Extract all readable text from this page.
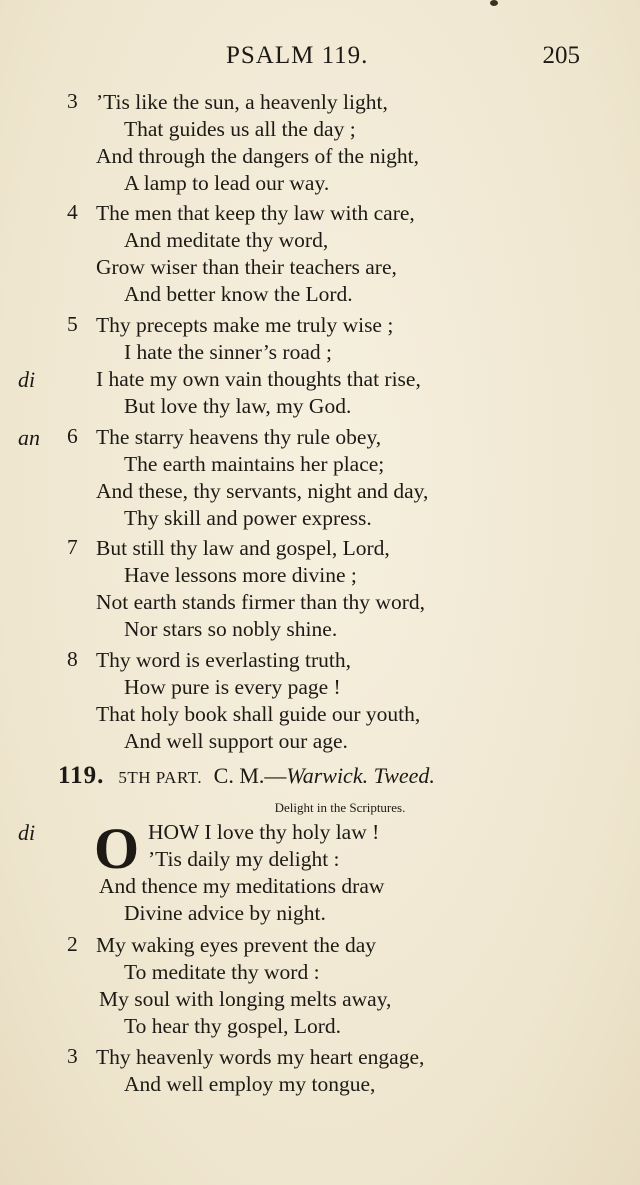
PSALM 119.	205
di
an
di
3 ’Tis like the sun, a heavenly light,
That guides us all the day ;
And through the dangers of the night,
A lamp to lead our way.
4 The men that keep thy law with care,
And meditate thy word,
Grow wiser than their teachers are,
And better know the Lord.
5 Thy precepts make me truly wise ;
I hate the sinner’s road ;
I hate my own vain thoughts that rise,
But love thy law, my God.
6 The starry heavens thy rule obey,
The earth maintains her place;
And these, thy servants, night and day,
Thy skill and power express.
7 But still thy law and gospel, Lord,
Have lessons more divine ;
Not earth stands firmer than thy word,
Nor stars so nobly shine.
8 Thy word is everlasting truth,
How pure is every page !
That holy book shall guide our youth,
And well support our age.
119. 5TH PART. C. M.—Warwick. Tweed.
Delight in the Scriptures.
O HOW I love thy holy law !
’Tis daily my delight :
And thence my meditations draw
Divine advice by night.
2 My waking eyes prevent the day
To meditate thy word :
My soul with longing melts away,
To hear thy gospel, Lord.
3 Thy heavenly words my heart engage,
And well employ my tongue,
